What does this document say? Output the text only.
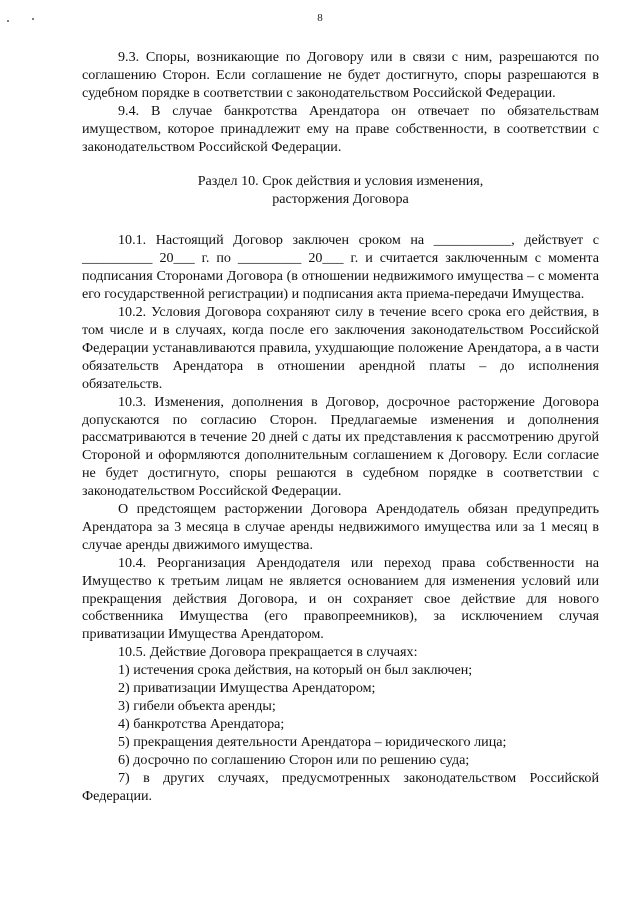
8

9.3. Споры, возникающие по Договору или в связи с ним, разрешаются по соглашению Сторон. Если соглашение не будет достигнуто, споры разрешаются в судебном порядке в соответствии с законодательством Российской Федерации.

9.4. В случае банкротства Арендатора он отвечает по обязательствам имуществом, которое принадлежит ему на праве собственности, в соответствии с законодательством Российской Федерации.

Раздел 10. Срок действия и условия изменения,
расторжения Договора

10.1. Настоящий Договор заключен сроком на ___________, действует с __________ 20___ г. по _________ 20___ г. и считается заключенным с момента подписания Сторонами Договора (в отношении недвижимого имущества – с момента его государственной регистрации) и подписания акта приема-передачи Имущества.

10.2. Условия Договора сохраняют силу в течение всего срока его действия, в том числе и в случаях, когда после его заключения законодательством Российской Федерации устанавливаются правила, ухудшающие положение Арендатора, а в части обязательств Арендатора в отношении арендной платы – до исполнения обязательств.

10.3. Изменения, дополнения в Договор, досрочное расторжение Договора допускаются по согласию Сторон. Предлагаемые изменения и дополнения рассматриваются в течение 20 дней с даты их представления к рассмотрению другой Стороной и оформляются дополнительным соглашением к Договору. Если согласие не будет достигнуто, споры решаются в судебном порядке в соответствии с законодательством Российской Федерации.

О предстоящем расторжении Договора Арендодатель обязан предупредить Арендатора за 3 месяца в случае аренды недвижимого имущества или за 1 месяц в случае аренды движимого имущества.

10.4. Реорганизация Арендодателя или переход права собственности на Имущество к третьим лицам не является основанием для изменения условий или прекращения действия Договора, и он сохраняет свое действие для нового собственника Имущества (его правопреемников), за исключением случая приватизации Имущества Арендатором.

10.5. Действие Договора прекращается в случаях:

1) истечения срока действия, на который он был заключен;

2) приватизации Имущества Арендатором;

3) гибели объекта аренды;

4) банкротства Арендатора;

5) прекращения деятельности Арендатора – юридического лица;

6) досрочно по соглашению Сторон или по решению суда;

7) в других случаях, предусмотренных законодательством Российской Федерации.
